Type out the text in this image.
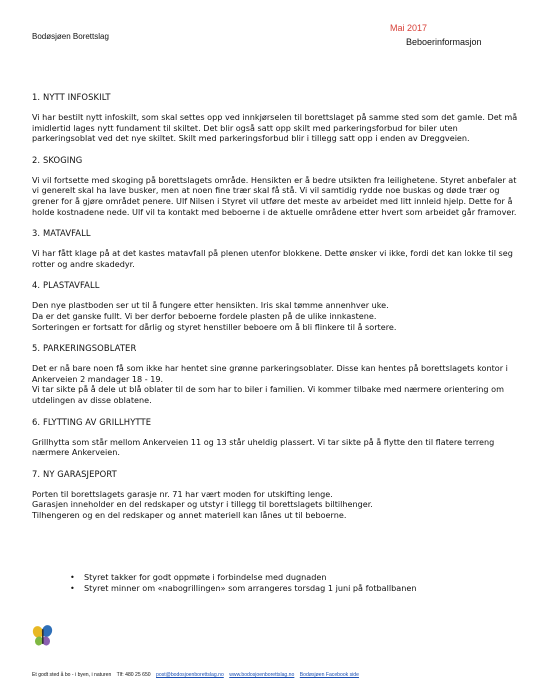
Bodøsjøen Borettslag
Mai 2017
Beboerinformasjon
1. NYTT INFOSKILT

Vi har bestilt nytt infoskilt, som skal settes opp ved innkjørselen til borettslaget på samme sted som det gamle. Det må imidlertid lages nytt fundament til skiltet. Det blir også satt opp skilt med parkeringsforbud for biler uten parkeringsoblat ved det nye skiltet. Skilt med parkeringsforbud blir i tillegg satt opp i enden av Dreggveien.

2. SKOGING

Vi vil fortsette med skoging på borettslagets område. Hensikten er å bedre utsikten fra leilighetene. Styret anbefaler at vi generelt skal ha lave busker, men at noen fine trær skal få stå. Vi vil samtidig rydde noe buskas og døde trær og grener for å gjøre området penere. Ulf Nilsen i Styret vil utføre det meste av arbeidet med litt innleid hjelp. Dette for å holde kostnadene nede. Ulf vil ta kontakt med beboerne i de aktuelle områdene etter hvert som arbeidet går framover.

3. MATAVFALL

Vi har fått klage på at det kastes matavfall på plenen utenfor blokkene. Dette ønsker vi ikke, fordi det kan lokke til seg rotter og andre skadedyr.

4. PLASTAVFALL

Den nye plastboden ser ut til å fungere etter hensikten. Iris skal tømme annenhver uke.

Da er det ganske fullt. Vi ber derfor beboerne fordele plasten på de ulike innkastene.

Sorteringen er fortsatt for dårlig og styret henstiller beboere om å bli flinkere til å sortere.

5. PARKERINGSOBLATER

Det er nå bare noen få som ikke har hentet sine grønne parkeringsoblater. Disse kan hentes på borettslagets kontor i Ankerveien 2 mandager 18 - 19.

Vi tar sikte på å dele ut blå oblater til de som har to biler i familien. Vi kommer tilbake med nærmere orientering om utdelingen av disse oblatene.

6. FLYTTING AV GRILLHYTTE

Grillhytta som står mellom Ankerveien 11 og 13 står uheldig plassert. Vi tar sikte på å flytte den til flatere terreng nærmere Ankerveien.

7. NY GARASJEPORT

Porten til borettslagets garasje nr. 71 har vært moden for utskifting lenge.

Garasjen inneholder en del redskaper og utstyr i tillegg til borettslagets biltilhenger.

Tilhengeren og en del redskaper og annet materiell kan lånes ut til beboerne.

• Styret takker for godt oppmøte i forbindelse med dugnaden
• Styret minner om «nabogrillingen» som arrangeres torsdag 1 juni på fotballbanen
Et godt sted å bo - i byen, i naturen Tlf: 480 25 650 post@bodosjoenborettslag.no www.bodosjoenborettslag.no Bodøsjøen Facebook side
